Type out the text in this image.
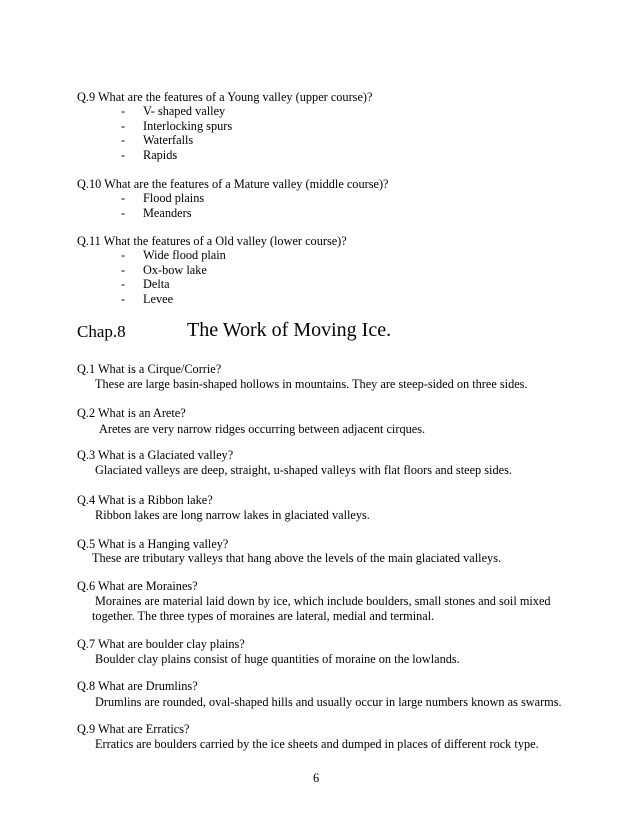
Q.9 What are the features of a Young valley (upper course)?
- V- shaped valley
- Interlocking spurs
- Waterfalls
- Rapids
Q.10 What are the features of a Mature valley (middle course)?
- Flood plains
- Meanders
Q.11 What the features of a Old valley (lower course)?
- Wide flood plain
- Ox-bow lake
- Delta
- Levee
Chap.8	The Work of Moving Ice.
Q.1 What is a Cirque/Corrie?
These are large basin-shaped hollows in mountains. They are steep-sided on three sides.
Q.2 What is an Arete?
Aretes are very narrow ridges occurring between adjacent cirques.
Q.3 What is a Glaciated valley?
Glaciated valleys are deep, straight, u-shaped valleys with flat floors and steep sides.
Q.4 What is a Ribbon lake?
Ribbon lakes are long narrow lakes in glaciated valleys.
Q.5 What is a Hanging valley?
These are tributary valleys that hang above the levels of the main glaciated valleys.
Q.6 What are Moraines?
Moraines are material laid down by ice, which include boulders, small stones and soil mixed
together. The three types of moraines are lateral, medial and terminal.
Q.7 What are boulder clay plains?
Boulder clay plains consist of huge quantities of moraine on the lowlands.
Q.8 What are Drumlins?
Drumlins are rounded, oval-shaped hills and usually occur in large numbers known as swarms.
Q.9 What are Erratics?
Erratics are boulders carried by the ice sheets and dumped in places of different rock type.
6
